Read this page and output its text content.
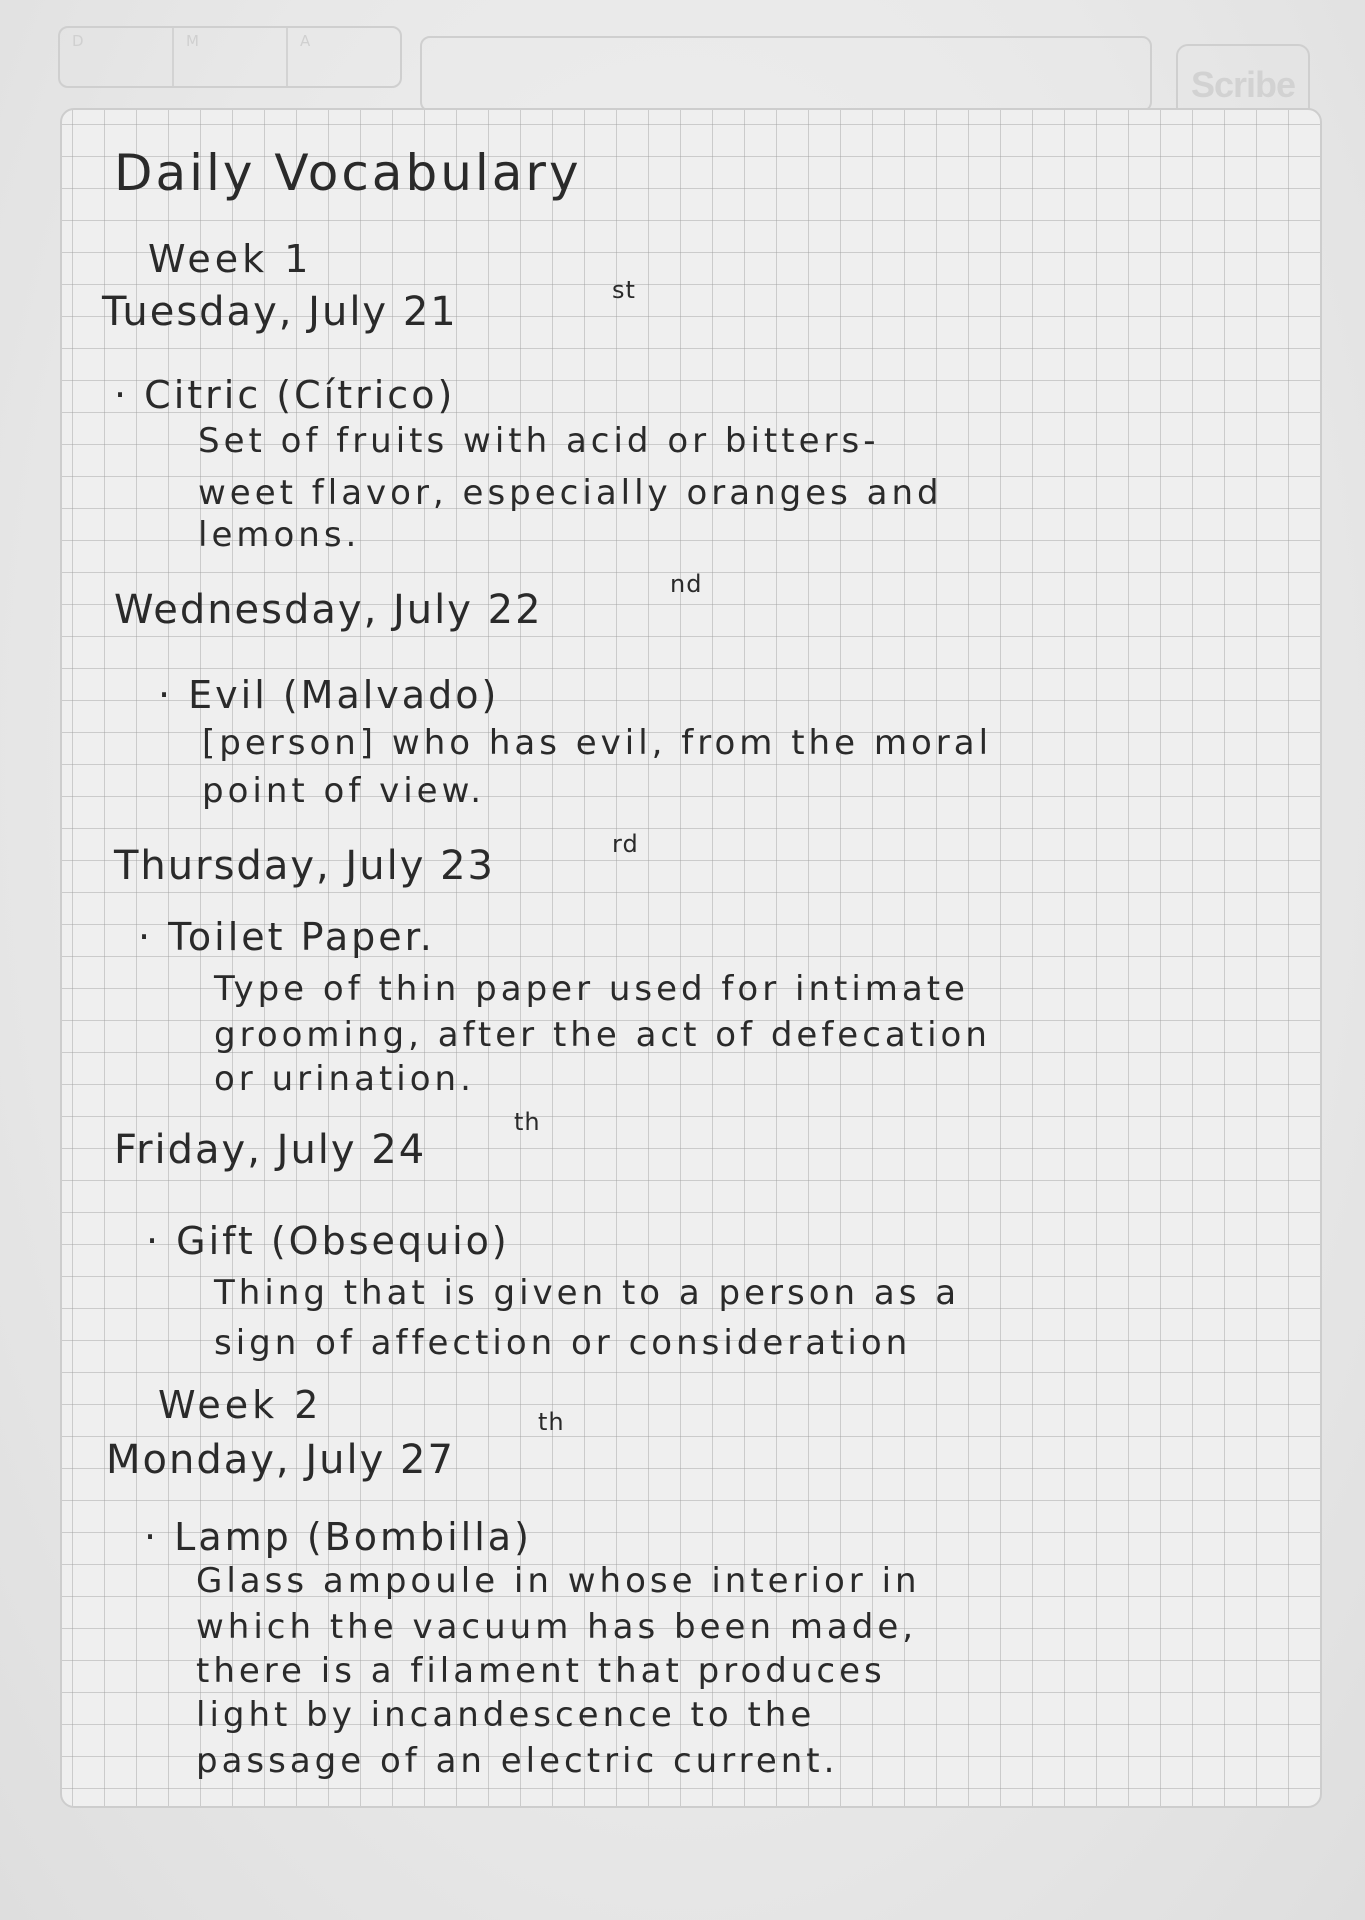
D	M	A
Scribe
Daily Vocabulary
Week 1
Tuesday, July 21	st
· Citric (Cítrico)
Set of fruits with acid or bitters-
weet flavor, especially oranges and
lemons.
Wednesday, July 22
nd
· Evil (Malvado)
[person] who has evil, from the moral
point of view.
Thursday, July 23	rd
· Toilet Paper.
Type of thin paper used for intimate
grooming, after the act of defecation
or urination.
Friday, July 24
th
· Gift (Obsequio)
Thing that is given to a person as a
sign of affection or consideration
Week 2
Monday, July 27
th
· Lamp (Bombilla)
Glass ampoule in whose interior in
which the vacuum has been made,
there is a filament that produces
light by incandescence to the
passage of an electric current.
